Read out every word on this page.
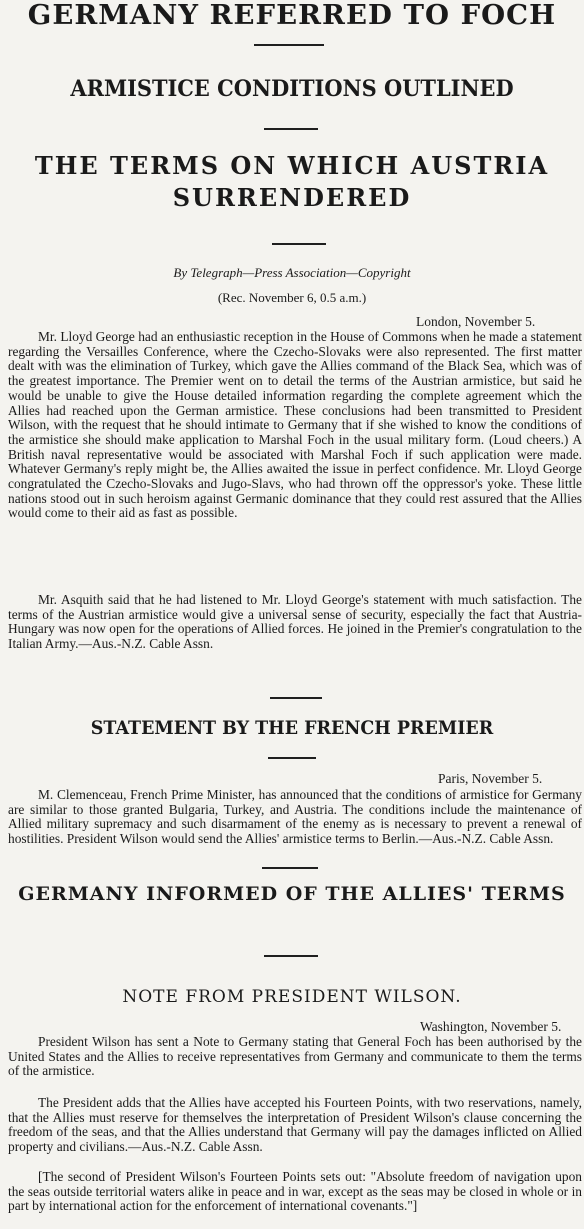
GERMANY REFERRED TO FOCH
ARMISTICE CONDITIONS OUTLINED
THE TERMS ON WHICH AUSTRIA SURRENDERED
By Telegraph—Press Association—Copyright
(Rec. November 6, 0.5 a.m.)
London, November 5.

Mr. Lloyd George had an enthusiastic reception in the House of Commons when he made a statement regarding the Versailles Conference, where the Czecho-Slovaks were also represented. The first matter dealt with was the elimination of Turkey, which gave the Allies command of the Black Sea, which was of the greatest importance. The Premier went on to detail the terms of the Austrian armistice, but said he would be unable to give the House detailed information regarding the complete agreement which the Allies had reached upon the German armistice. These conclusions had been transmitted to President Wilson, with the request that he should intimate to Germany that if she wished to know the conditions of the armistice she should make application to Marshal Foch in the usual military form. (Loud cheers.) A British naval representative would be associated with Marshal Foch if such application were made. Whatever Germany's reply might be, the Allies awaited the issue in perfect confidence. Mr. Lloyd George congratulated the Czecho-Slovaks and Jugo-Slavs, who had thrown off the oppressor's yoke. These little nations stood out in such heroism against Germanic dominance that they could rest assured that the Allies would come to their aid as fast as possible.

Mr. Asquith said that he had listened to Mr. Lloyd George's statement with much satisfaction. The terms of the Austrian armistice would give a universal sense of security, especially the fact that Austria-Hungary was now open for the operations of Allied forces. He joined in the Premier's congratulation to the Italian Army.—Aus.-N.Z. Cable Assn.

STATEMENT BY THE FRENCH PREMIER
Paris, November 5.

M. Clemenceau, French Prime Minister, has announced that the conditions of armistice for Germany are similar to those granted Bulgaria, Turkey, and Austria. The conditions include the maintenance of Allied military supremacy and such disarmament of the enemy as is necessary to prevent a renewal of hostilities. President Wilson would send the Allies' armistice terms to Berlin.—Aus.-N.Z. Cable Assn.

GERMANY INFORMED OF THE ALLIES' TERMS
NOTE FROM PRESIDENT WILSON.
Washington, November 5.

President Wilson has sent a Note to Germany stating that General Foch has been authorised by the United States and the Allies to receive representatives from Germany and communicate to them the terms of the armistice.

The President adds that the Allies have accepted his Fourteen Points, with two reservations, namely, that the Allies must reserve for themselves the interpretation of President Wilson's clause concerning the freedom of the seas, and that the Allies understand that Germany will pay the damages inflicted on Allied property and civilians.—Aus.-N.Z. Cable Assn.

[The second of President Wilson's Fourteen Points sets out: "Absolute freedom of navigation upon the seas outside territorial waters alike in peace and in war, except as the seas may be closed in whole or in part by international action for the enforcement of international covenants."]
